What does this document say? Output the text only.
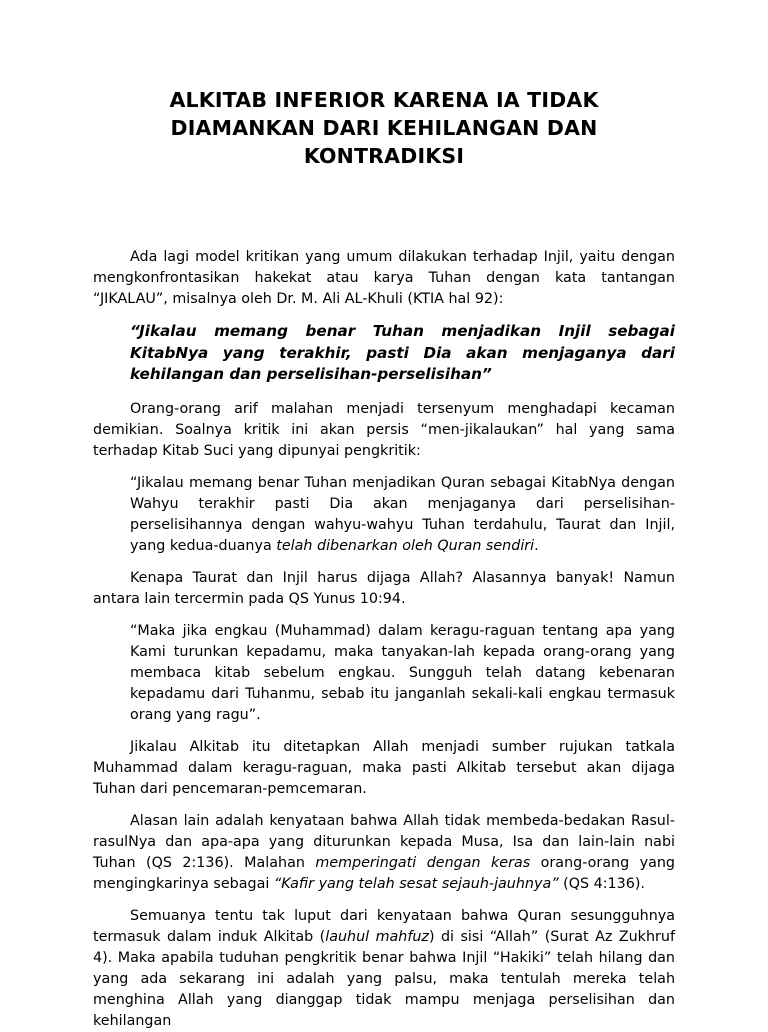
ALKITAB INFERIOR KARENA IA TIDAK
DIAMANKAN DARI KEHILANGAN DAN
KONTRADIKSI

Ada lagi model kritikan yang umum dilakukan terhadap Injil, yaitu dengan mengkonfrontasikan hakekat atau karya Tuhan dengan kata tantangan “JIKALAU”, misalnya oleh Dr. M. Ali AL-Khuli (KTIA hal 92):

“Jikalau memang benar Tuhan menjadikan Injil sebagai KitabNya yang terakhir, pasti Dia akan menjaganya dari kehilangan dan perselisihan-perselisihan”

Orang-orang arif malahan menjadi tersenyum menghadapi kecaman demikian. Soalnya kritik ini akan persis “men-jikalaukan” hal yang sama terhadap Kitab Suci yang dipunyai pengkritik:

“Jikalau memang benar Tuhan menjadikan Quran sebagai KitabNya dengan Wahyu terakhir pasti Dia akan menjaganya dari perselisihan-perselisihannya dengan wahyu-wahyu Tuhan terdahulu, Taurat dan Injil, yang kedua-duanya telah dibenarkan oleh Quran sendiri.

Kenapa Taurat dan Injil harus dijaga Allah? Alasannya banyak! Namun antara lain tercermin pada QS Yunus 10:94.

“Maka jika engkau (Muhammad) dalam keragu-raguan tentang apa yang Kami turunkan kepadamu, maka tanyakan-lah kepada orang-orang yang membaca kitab sebelum engkau. Sungguh telah datang kebenaran kepadamu dari Tuhanmu, sebab itu janganlah sekali-kali engkau termasuk orang yang ragu”.

Jikalau Alkitab itu ditetapkan Allah menjadi sumber rujukan tatkala Muhammad dalam keragu-raguan, maka pasti Alkitab tersebut akan dijaga Tuhan dari pencemaran-pemcemaran.

Alasan lain adalah kenyataan bahwa Allah tidak membeda-bedakan Rasul-rasulNya dan apa-apa yang diturunkan kepada Musa, Isa dan lain-lain nabi Tuhan (QS 2:136). Malahan memperingati dengan keras orang-orang yang mengingkarinya sebagai “Kafir yang telah sesat sejauh-jauhnya” (QS 4:136).

Semuanya tentu tak luput dari kenyataan bahwa Quran sesungguhnya termasuk dalam induk Alkitab (lauhul mahfuz) di sisi “Allah” (Surat Az Zukhruf 4). Maka apabila tuduhan pengkritik benar bahwa Injil “Hakiki” telah hilang dan yang ada sekarang ini adalah yang palsu, maka tentulah mereka telah menghina Allah yang dianggap tidak mampu menjaga perselisihan dan kehilangan
